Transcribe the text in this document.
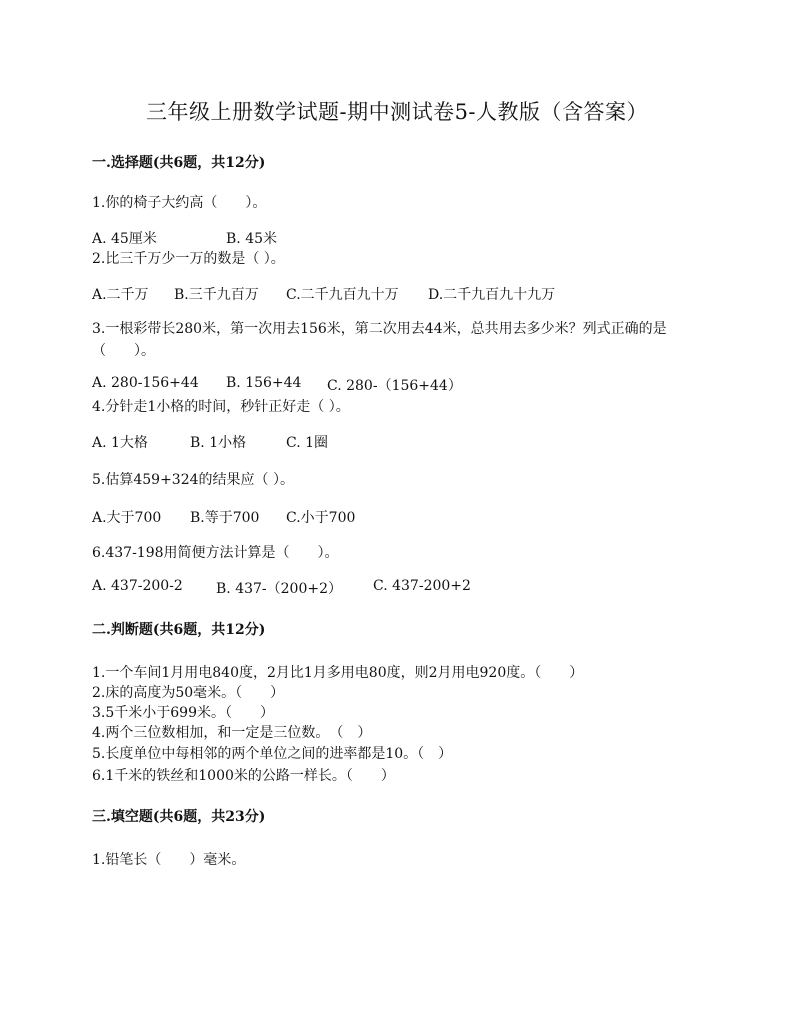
三年级上册数学试题-期中测试卷5-人教版（含答案）
一.选择题(共6题，共12分)
1.你的椅子大约高（　　）。
A. 45厘米	B. 45米
2.比三千万少一万的数是（ ）。
A.二千万 B.三千九百万 C.二千九百九十万 D.二千九百九十九万
3.一根彩带长280米，第一次用去156米，第二次用去44米，总共用去多少米？列式正确的是（　　）。
A. 280-156+44 B. 156+44 C. 280-（156+44）
4.分针走1小格的时间，秒针正好走（ ）。
A. 1大格	B. 1小格	C. 1圈
5.估算459+324的结果应（ ）。
A.大于700 B.等于700 C.小于700
6.437-198用简便方法计算是（　　）。
A. 437-200-2 B. 437-（200+2） C. 437-200+2
二.判断题(共6题，共12分)
1.一个车间1月用电840度，2月比1月多用电80度，则2月用电920度。（　　）
2.床的高度为50毫米。（　　）
3.5千米小于699米。（　　）
4.两个三位数相加，和一定是三位数。　（　）
5.长度单位中每相邻的两个单位之间的进率都是10。（　）
6.1千米的铁丝和1000米的公路一样长。（　　）
三.填空题(共6题，共23分)
1.铅笔长（　　）毫米。
